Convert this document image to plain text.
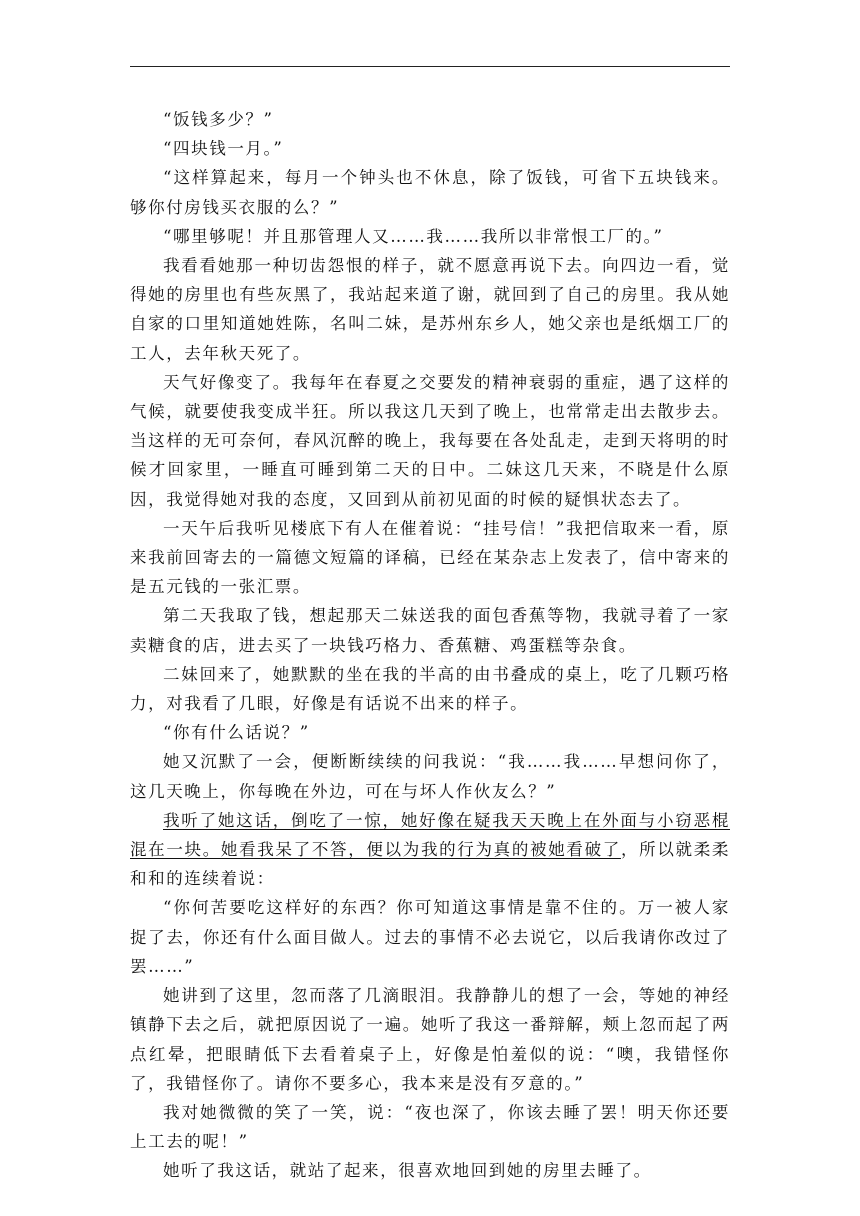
“饭钱多少？”

“四块钱一月。”

“这样算起来，每月一个钟头也不休息，除了饭钱，可省下五块钱来。够你付房钱买衣服的么？”

“哪里够呢！并且那管理人又……我……我所以非常恨工厂的。”

我看看她那一种切齿怨恨的样子，就不愿意再说下去。向四边一看，觉得她的房里也有些灰黑了，我站起来道了谢，就回到了自己的房里。我从她自家的口里知道她姓陈，名叫二妹，是苏州东乡人，她父亲也是纸烟工厂的工人，去年秋天死了。

天气好像变了。我每年在春夏之交要发的精神衰弱的重症，遇了这样的气候，就要使我变成半狂。所以我这几天到了晚上，也常常走出去散步去。当这样的无可奈何，春风沉醉的晚上，我每要在各处乱走，走到天将明的时候才回家里，一睡直可睡到第二天的日中。二妹这几天来，不晓是什么原因，我觉得她对我的态度，又回到从前初见面的时候的疑惧状态去了。

一天午后我听见楼底下有人在催着说：“挂号信！”我把信取来一看，原来我前回寄去的一篇德文短篇的译稿，已经在某杂志上发表了，信中寄来的是五元钱的一张汇票。

第二天我取了钱，想起那天二妹送我的面包香蕉等物，我就寻着了一家卖糖食的店，进去买了一块钱巧格力、香蕉糖、鸡蛋糕等杂食。

二妹回来了，她默默的坐在我的半高的由书叠成的桌上，吃了几颗巧格力，对我看了几眼，好像是有话说不出来的样子。

“你有什么话说？”

她又沉默了一会，便断断续续的问我说：“我……我……早想问你了，这几天晚上，你每晚在外边，可在与坏人作伙友么？”

我听了她这话，倒吃了一惊，她好像在疑我天天晚上在外面与小窃恶棍混在一块。她看我呆了不答，便以为我的行为真的被她看破了，所以就柔柔和和的连续着说：

“你何苦要吃这样好的东西？你可知道这事情是靠不住的。万一被人家捉了去，你还有什么面目做人。过去的事情不必去说它，以后我请你改过了罢……”

她讲到了这里，忽而落了几滴眼泪。我静静儿的想了一会，等她的神经镇静下去之后，就把原因说了一遍。她听了我这一番辩解，颊上忽而起了两点红晕，把眼睛低下去看着桌子上，好像是怕羞似的说：“噢，我错怪你了，我错怪你了。请你不要多心，我本来是没有歹意的。”

我对她微微的笑了一笑，说：“夜也深了，你该去睡了罢！明天你还要上工去的呢！”

她听了我这话，就站了起来，很喜欢地回到她的房里去睡了。
